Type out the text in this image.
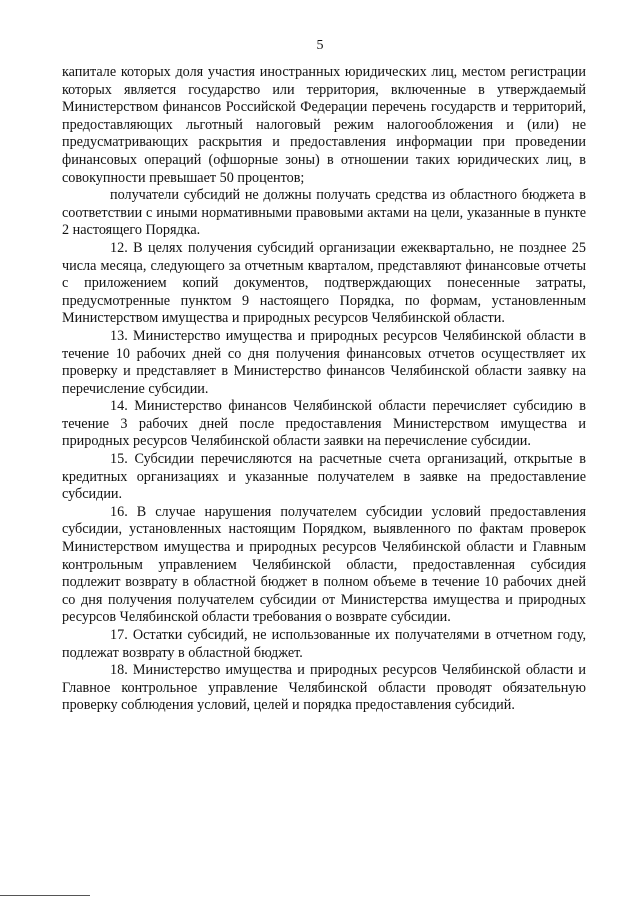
5

капитале которых доля участия иностранных юридических лиц, местом регистрации которых является государство или территория, включенные в утверждаемый Министерством финансов Российской Федерации перечень государств и территорий, предоставляющих льготный налоговый режим налогообложения и (или) не предусматривающих раскрытия и предоставления информации при проведении финансовых операций (офшорные зоны) в отношении таких юридических лиц, в совокупности превышает 50 процентов;

получатели субсидий не должны получать средства из областного бюджета в соответствии с иными нормативными правовыми актами на цели, указанные в пункте 2 настоящего Порядка.

12. В целях получения субсидий организации ежеквартально, не позднее 25 числа месяца, следующего за отчетным кварталом, представляют финансовые отчеты с приложением копий документов, подтверждающих понесенные затраты, предусмотренные пунктом 9 настоящего Порядка, по формам, установленным Министерством имущества и природных ресурсов Челябинской области.

13. Министерство имущества и природных ресурсов Челябинской области в течение 10 рабочих дней со дня получения финансовых отчетов осуществляет их проверку и представляет в Министерство финансов Челябинской области заявку на перечисление субсидии.

14. Министерство финансов Челябинской области перечисляет субсидию в течение 3 рабочих дней после предоставления Министерством имущества и природных ресурсов Челябинской области заявки на перечисление субсидии.

15. Субсидии перечисляются на расчетные счета организаций, открытые в кредитных организациях и указанные получателем в заявке на предоставление субсидии.

16. В случае нарушения получателем субсидии условий предоставления субсидии, установленных настоящим Порядком, выявленного по фактам проверок Министерством имущества и природных ресурсов Челябинской области и Главным контрольным управлением Челябинской области, предоставленная субсидия подлежит возврату в областной бюджет в полном объеме в течение 10 рабочих дней со дня получения получателем субсидии от Министерства имущества и природных ресурсов Челябинской области требования о возврате субсидии.

17. Остатки субсидий, не использованные их получателями в отчетном году, подлежат возврату в областной бюджет.

18. Министерство имущества и природных ресурсов Челябинской области и Главное контрольное управление Челябинской области проводят обязательную проверку соблюдения условий, целей и порядка предоставления субсидий.
